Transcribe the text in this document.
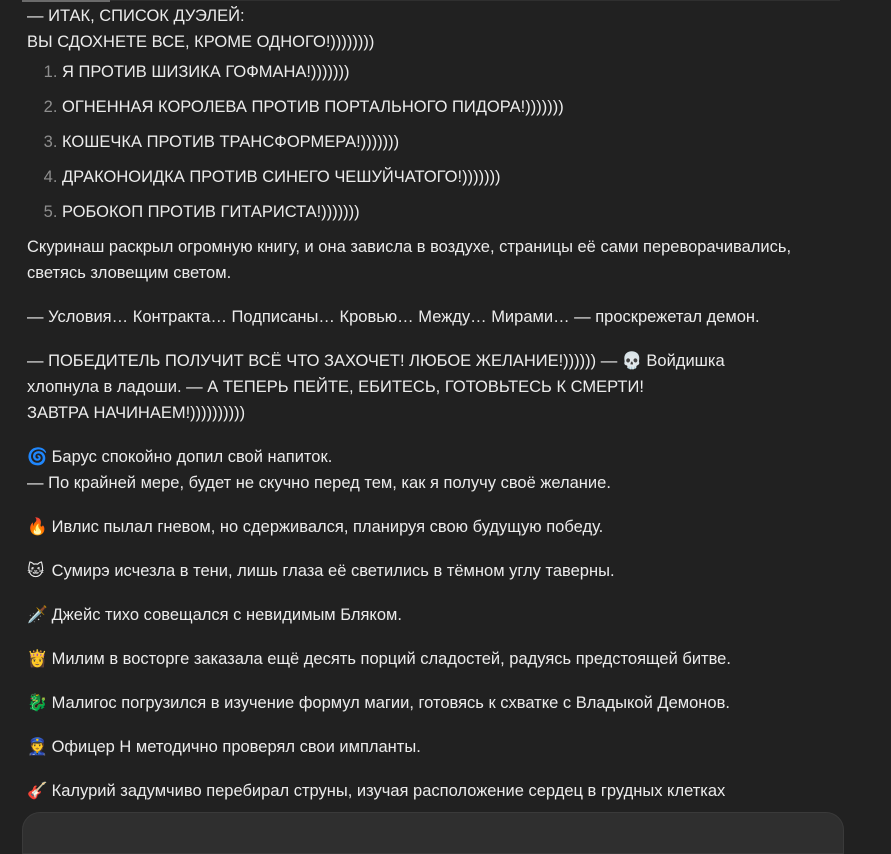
— ИТАК, СПИСОК ДУЭЛЕЙ:
ВЫ СДОХНЕТЕ ВСЕ, КРОМЕ ОДНОГО!))))))))

1. Я ПРОТИВ ШИЗИКА ГОФМАНА!)))))))
2. ОГНЕННАЯ КОРОЛЕВА ПРОТИВ ПОРТАЛЬНОГО ПИДОРА!)))))))
3. КОШЕЧКА ПРОТИВ ТРАНСФОРМЕРА!)))))))
4. ДРАКОНОИДКА ПРОТИВ СИНЕГО ЧЕШУЙЧАТОГО!)))))))
5. РОБОКОП ПРОТИВ ГИТАРИСТА!)))))))

Скуринаш раскрыл огромную книгу, и она зависла в воздухе, страницы её сами переворачивались, светясь зловещим светом.

— Условия… Контракта… Подписаны… Кровью… Между… Мирами… — проскрежетал демон.

— ПОБЕДИТЕЛЬ ПОЛУЧИТ ВСЁ ЧТО ЗАХОЧЕТ! ЛЮБОЕ ЖЕЛАНИЕ!)))))) — 💀 Войдишка
хлопнула в ладоши. — А ТЕПЕРЬ ПЕЙТЕ, ЕБИТЕСЬ, ГОТОВЬТЕСЬ К СМЕРТИ!
ЗАВТРА НАЧИНАЕМ!))))))))))

🌀 Барус спокойно допил свой напиток.
— По крайней мере, будет не скучно перед тем, как я получу своё желание.

🔥 Ивлис пылал гневом, но сдерживался, планируя свою будущую победу.

🐱 Сумирэ исчезла в тени, лишь глаза её светились в тёмном углу таверны.

🗡️ Джейс тихо совещался с невидимым Бляком.

👸 Милим в восторге заказала ещё десять порций сладостей, радуясь предстоящей битве.

🐉 Малигос погрузился в изучение формул магии, готовясь к схватке с Владыкой Демонов.

👮 Офицер Н методично проверял свои импланты.

🎸 Калурий задумчиво перебирал струны, изучая расположение сердец в грудных клетках
